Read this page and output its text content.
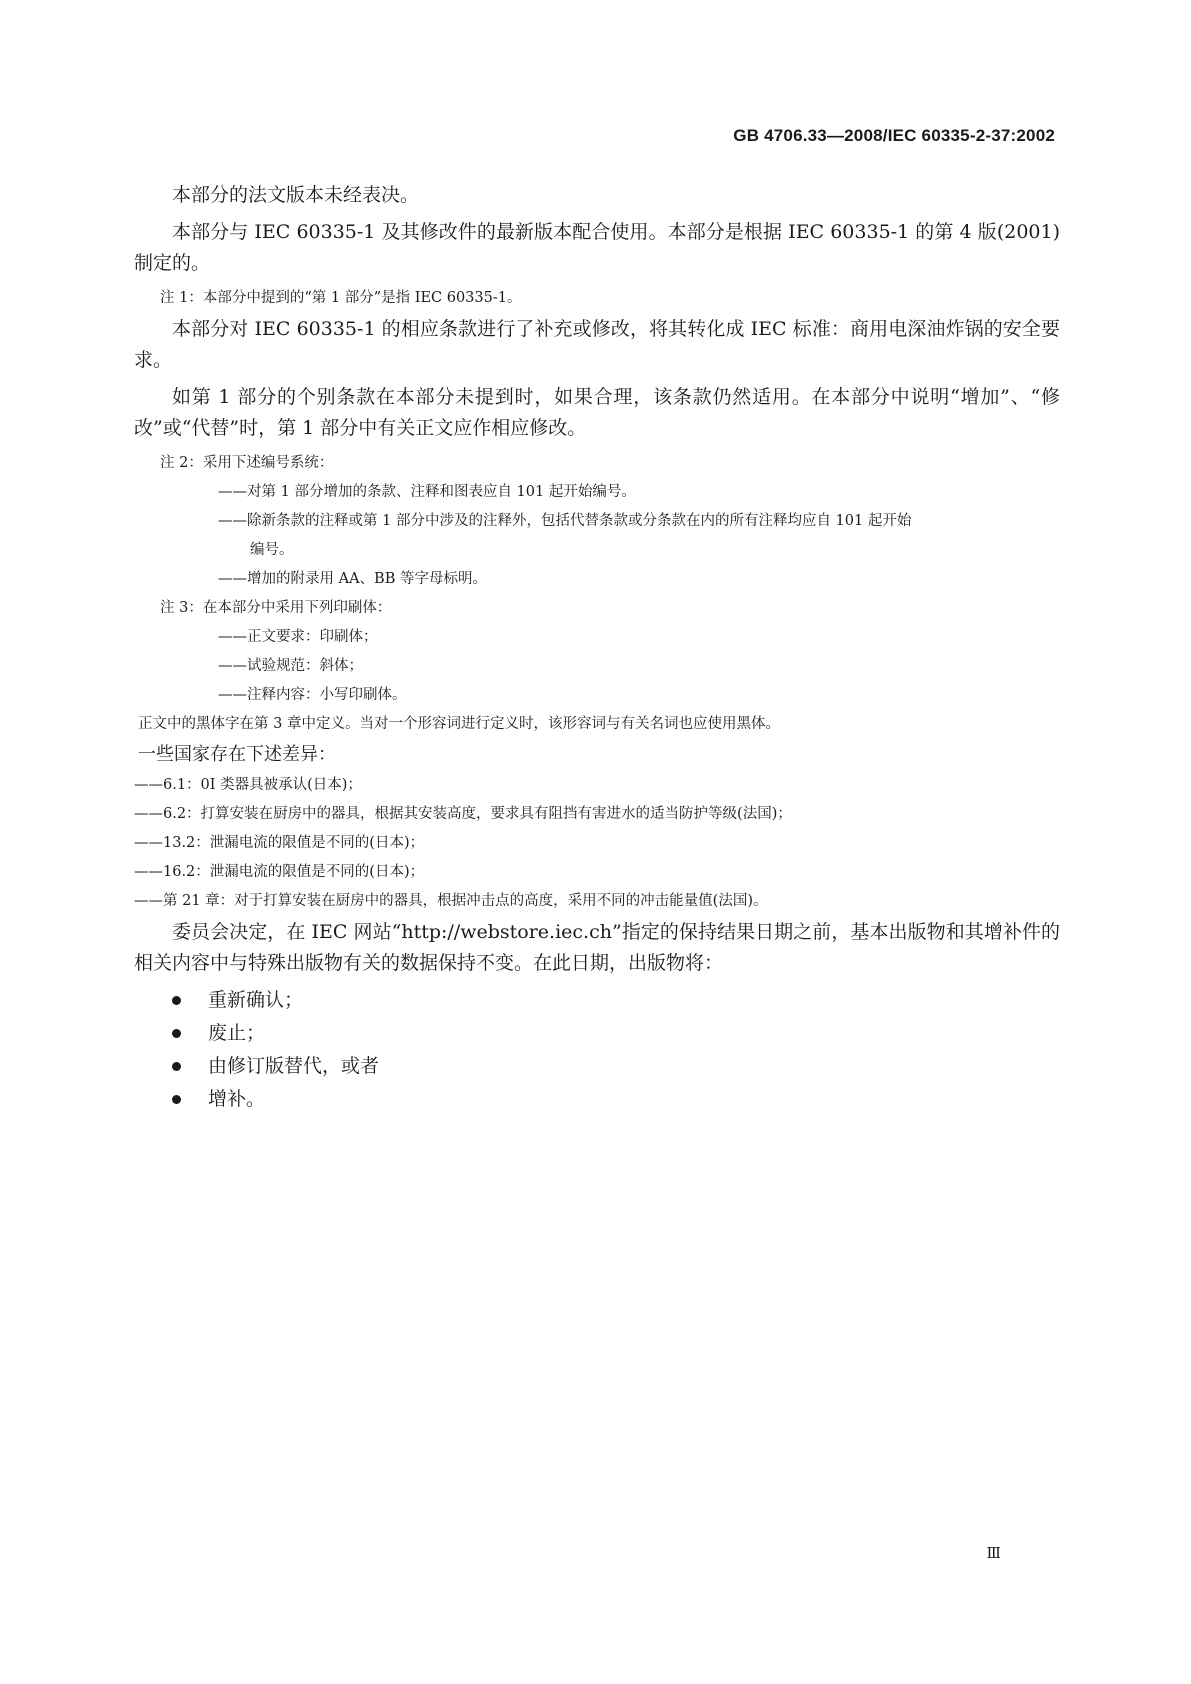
GB 4706.33—2008/IEC 60335-2-37:2002

本部分的法文版本未经表决。

本部分与 IEC 60335-1 及其修改件的最新版本配合使用。本部分是根据 IEC 60335-1 的第 4 版(2001)制定的。

注 1：本部分中提到的“第 1 部分”是指 IEC 60335-1。

本部分对 IEC 60335-1 的相应条款进行了补充或修改，将其转化成 IEC 标准：商用电深油炸锅的安全要求。

如第 1 部分的个别条款在本部分未提到时，如果合理，该条款仍然适用。在本部分中说明“增加”、“修改”或“代替”时，第 1 部分中有关正文应作相应修改。

注 2：采用下述编号系统：

——对第 1 部分增加的条款、注释和图表应自 101 起开始编号。

——除新条款的注释或第 1 部分中涉及的注释外，包括代替条款或分条款在内的所有注释均应自 101 起开始

编号。

——增加的附录用 AA、BB 等字母标明。

注 3：在本部分中采用下列印刷体：

——正文要求：印刷体；

——试验规范：斜体；

——注释内容：小写印刷体。

正文中的黑体字在第 3 章中定义。当对一个形容词进行定义时，该形容词与有关名词也应使用黑体。

一些国家存在下述差异：

——6.1：0I 类器具被承认(日本)；

——6.2：打算安装在厨房中的器具，根据其安装高度，要求具有阻挡有害进水的适当防护等级(法国)；

——13.2：泄漏电流的限值是不同的(日本)；

——16.2：泄漏电流的限值是不同的(日本)；

——第 21 章：对于打算安装在厨房中的器具，根据冲击点的高度，采用不同的冲击能量值(法国)。

委员会决定，在 IEC 网站“http://webstore.iec.ch”指定的保持结果日期之前，基本出版物和其增补件的相关内容中与特殊出版物有关的数据保持不变。在此日期，出版物将：

重新确认；
废止；
由修订版替代，或者
增补。
Ⅲ
